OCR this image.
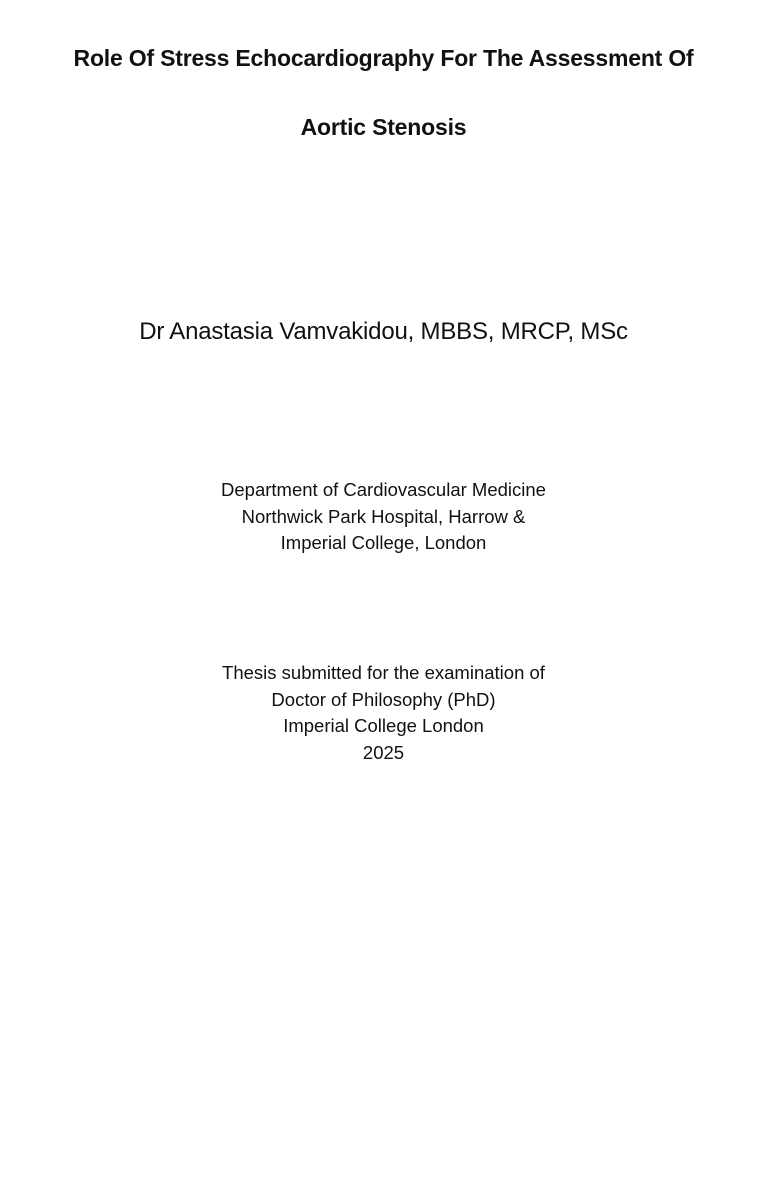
Role Of Stress Echocardiography For The Assessment Of
Aortic Stenosis
Dr Anastasia Vamvakidou, MBBS, MRCP, MSc
Department of Cardiovascular Medicine
Northwick Park Hospital, Harrow &
Imperial College, London
Thesis submitted for the examination of
Doctor of Philosophy (PhD)
Imperial College London
2025
